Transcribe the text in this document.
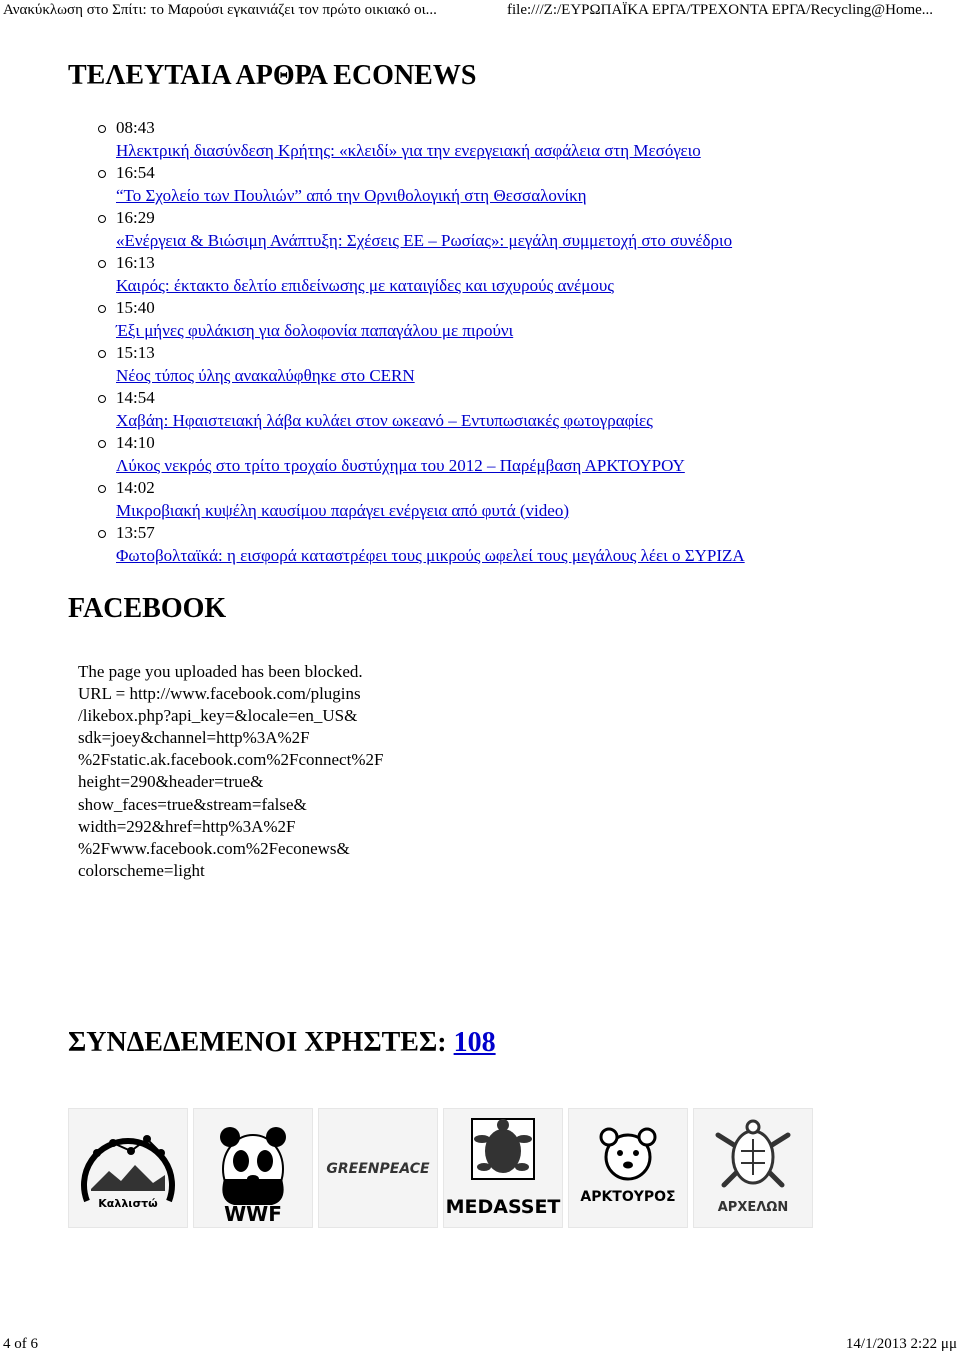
Ανακύκλωση στο Σπίτι: το Μαρούσι εγκαινιάζει τον πρώτο οικιακό οι...	file:///Z:/ΕΥΡΩΠΑΪΚΑ ΕΡΓΑ/ΤΡΕΧΟΝΤΑ ΕΡΓΑ/Recycling@Home...
ΤΕΛΕΥΤΑΙΑ ΑΡΘΡΑ ECONEWS
08:43
Ηλεκτρική διασύνδεση Κρήτης: «κλειδί» για την ενεργειακή ασφάλεια στη Μεσόγειο
16:54
“Το Σχολείο των Πουλιών” από την Ορνιθολογική στη Θεσσαλονίκη
16:29
«Ενέργεια & Βιώσιμη Ανάπτυξη: Σχέσεις ΕΕ – Ρωσίας»: μεγάλη συμμετοχή στο συνέδριο
16:13
Καιρός: έκτακτο δελτίο επιδείνωσης με καταιγίδες και ισχυρούς ανέμους
15:40
Έξι μήνες φυλάκιση για δολοφονία παπαγάλου με πιρούνι
15:13
Νέος τύπος ύλης ανακαλύφθηκε στο CERN
14:54
Χαβάη: Ηφαιστειακή λάβα κυλάει στον ωκεανό – Εντυπωσιακές φωτογραφίες
14:10
Λύκος νεκρός στο τρίτο τροχαίο δυστύχημα του 2012 – Παρέμβαση ΑΡΚΤΟΥΡΟΥ
14:02
Μικροβιακή κυψέλη καυσίμου παράγει ενέργεια από φυτά (video)
13:57
Φωτοβολταϊκά: η εισφορά καταστρέφει τους μικρούς ωφελεί τους μεγάλους λέει ο ΣΥΡΙΖΑ
FACEBOOK
The page you uploaded has been blocked.
URL = http://www.facebook.com/plugins
/likebox.php?api_key=&locale=en_US&
sdk=joey&channel=http%3A%2F
%2Fstatic.ak.facebook.com%2Fconnect%2F
height=290&header=true&
show_faces=true&stream=false&
width=292&href=http%3A%2F
%2Fwww.facebook.com%2Feconews&
colorscheme=light
ΣΥΝΔΕΔΕΜΕΝΟΙ ΧΡΗΣΤΕΣ: 108
Καλλιστώ	WWF
GREENPEACE
MEDASSET ΑΡΚΤΟΥΡΟΣ
ΑΡΧΕΛΩΝ
4 of 6	14/1/2013 2:22 μμ
